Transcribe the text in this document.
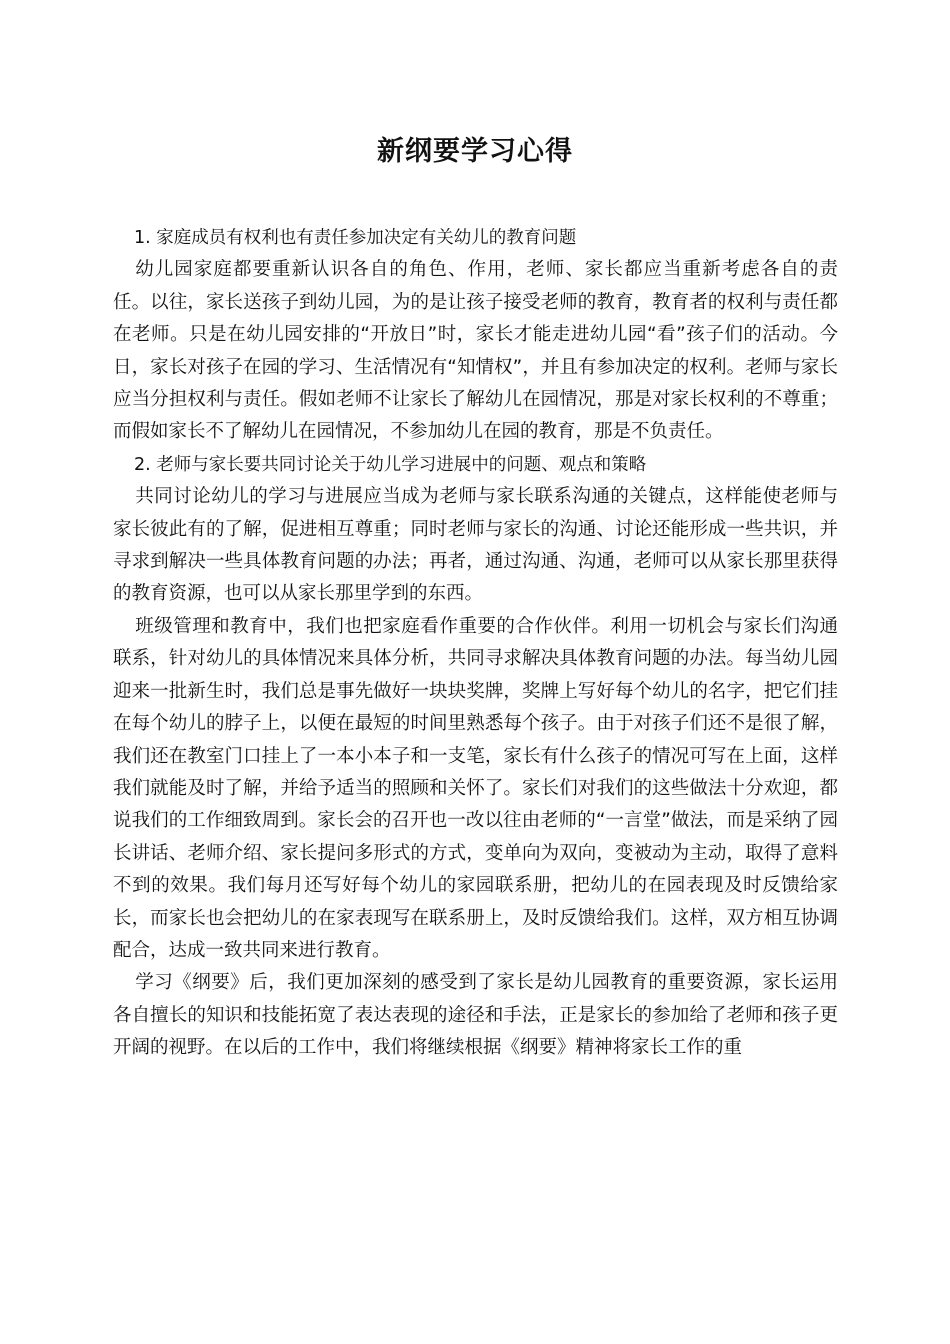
新纲要学习心得

1. 家庭成员有权利也有责任参加决定有关幼儿的教育问题

幼儿园家庭都要重新认识各自的角色、作用，老师、家长都应当重新考虑各自的责任。以往，家长送孩子到幼儿园，为的是让孩子接受老师的教育，教育者的权利与责任都在老师。只是在幼儿园安排的“开放日”时，家长才能走进幼儿园“看”孩子们的活动。今日，家长对孩子在园的学习、生活情况有“知情权”，并且有参加决定的权利。老师与家长应当分担权利与责任。假如老师不让家长了解幼儿在园情况，那是对家长权利的不尊重；而假如家长不了解幼儿在园情况，不参加幼儿在园的教育，那是不负责任。

2. 老师与家长要共同讨论关于幼儿学习进展中的问题、观点和策略

共同讨论幼儿的学习与进展应当成为老师与家长联系沟通的关键点，这样能使老师与家长彼此有的了解，促进相互尊重；同时老师与家长的沟通、讨论还能形成一些共识，并寻求到解决一些具体教育问题的办法；再者，通过沟通、沟通，老师可以从家长那里获得的教育资源，也可以从家长那里学到的东西。

班级管理和教育中，我们也把家庭看作重要的合作伙伴。利用一切机会与家长们沟通联系，针对幼儿的具体情况来具体分析，共同寻求解决具体教育问题的办法。每当幼儿园迎来一批新生时，我们总是事先做好一块块奖牌，奖牌上写好每个幼儿的名字，把它们挂在每个幼儿的脖子上，以便在最短的时间里熟悉每个孩子。由于对孩子们还不是很了解，我们还在教室门口挂上了一本小本子和一支笔，家长有什么孩子的情况可写在上面，这样我们就能及时了解，并给予适当的照顾和关怀了。家长们对我们的这些做法十分欢迎，都说我们的工作细致周到。家长会的召开也一改以往由老师的“一言堂”做法，而是采纳了园长讲话、老师介绍、家长提问多形式的方式，变单向为双向，变被动为主动，取得了意料不到的效果。我们每月还写好每个幼儿的家园联系册，把幼儿的在园表现及时反馈给家长，而家长也会把幼儿的在家表现写在联系册上，及时反馈给我们。这样，双方相互协调配合，达成一致共同来进行教育。

学习《纲要》后，我们更加深刻的感受到了家长是幼儿园教育的重要资源，家长运用各自擅长的知识和技能拓宽了表达表现的途径和手法，正是家长的参加给了老师和孩子更开阔的视野。在以后的工作中，我们将继续根据《纲要》精神将家长工作的重
